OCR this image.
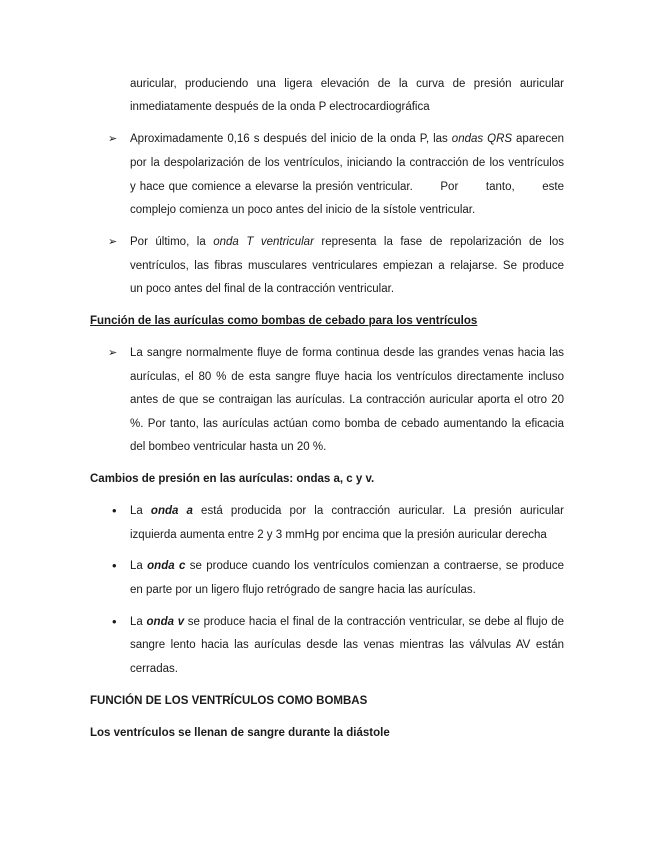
auricular, produciendo una ligera elevación de la curva de presión auricular
inmediatamente después de la onda P electrocardiográfica
➢ Aproximadamente 0,16 s después del inicio de la onda P, las ondas QRS aparecen
por la despolarización de los ventrículos, iniciando la contracción de los ventrículos
y hace que comience a elevarse la presión ventricular.       Por       tanto,       este
complejo comienza un poco antes del inicio de la sístole ventricular.
➢ Por último, la onda T ventricular representa la fase de repolarización de los
ventrículos, las fibras musculares ventriculares empiezan a relajarse. Se produce
un poco antes del final de la contracción ventricular.
Función de las aurículas como bombas de cebado para los ventrículos
➢ La sangre normalmente fluye de forma continua desde las grandes venas hacia las
aurículas, el 80 % de esta sangre fluye hacia los ventrículos directamente incluso
antes de que se contraigan las aurículas. La contracción auricular aporta el otro 20
%. Por tanto, las aurículas actúan como bomba de cebado aumentando la eficacia
del bombeo ventricular hasta un 20 %.
Cambios de presión en las aurículas: ondas a, c y v.
• La onda a está producida por la contracción auricular. La presión auricular
izquierda aumenta entre 2 y 3 mmHg por encima que la presión auricular derecha
• La onda c se produce cuando los ventrículos comienzan a contraerse, se produce
en parte por un ligero flujo retrógrado de sangre hacia las aurículas.
• La onda v se produce hacia el final de la contracción ventricular, se debe al flujo de
sangre lento hacia las aurículas desde las venas mientras las válvulas AV están
cerradas.
FUNCIÓN DE LOS VENTRÍCULOS COMO BOMBAS
Los ventrículos se llenan de sangre durante la diástole
